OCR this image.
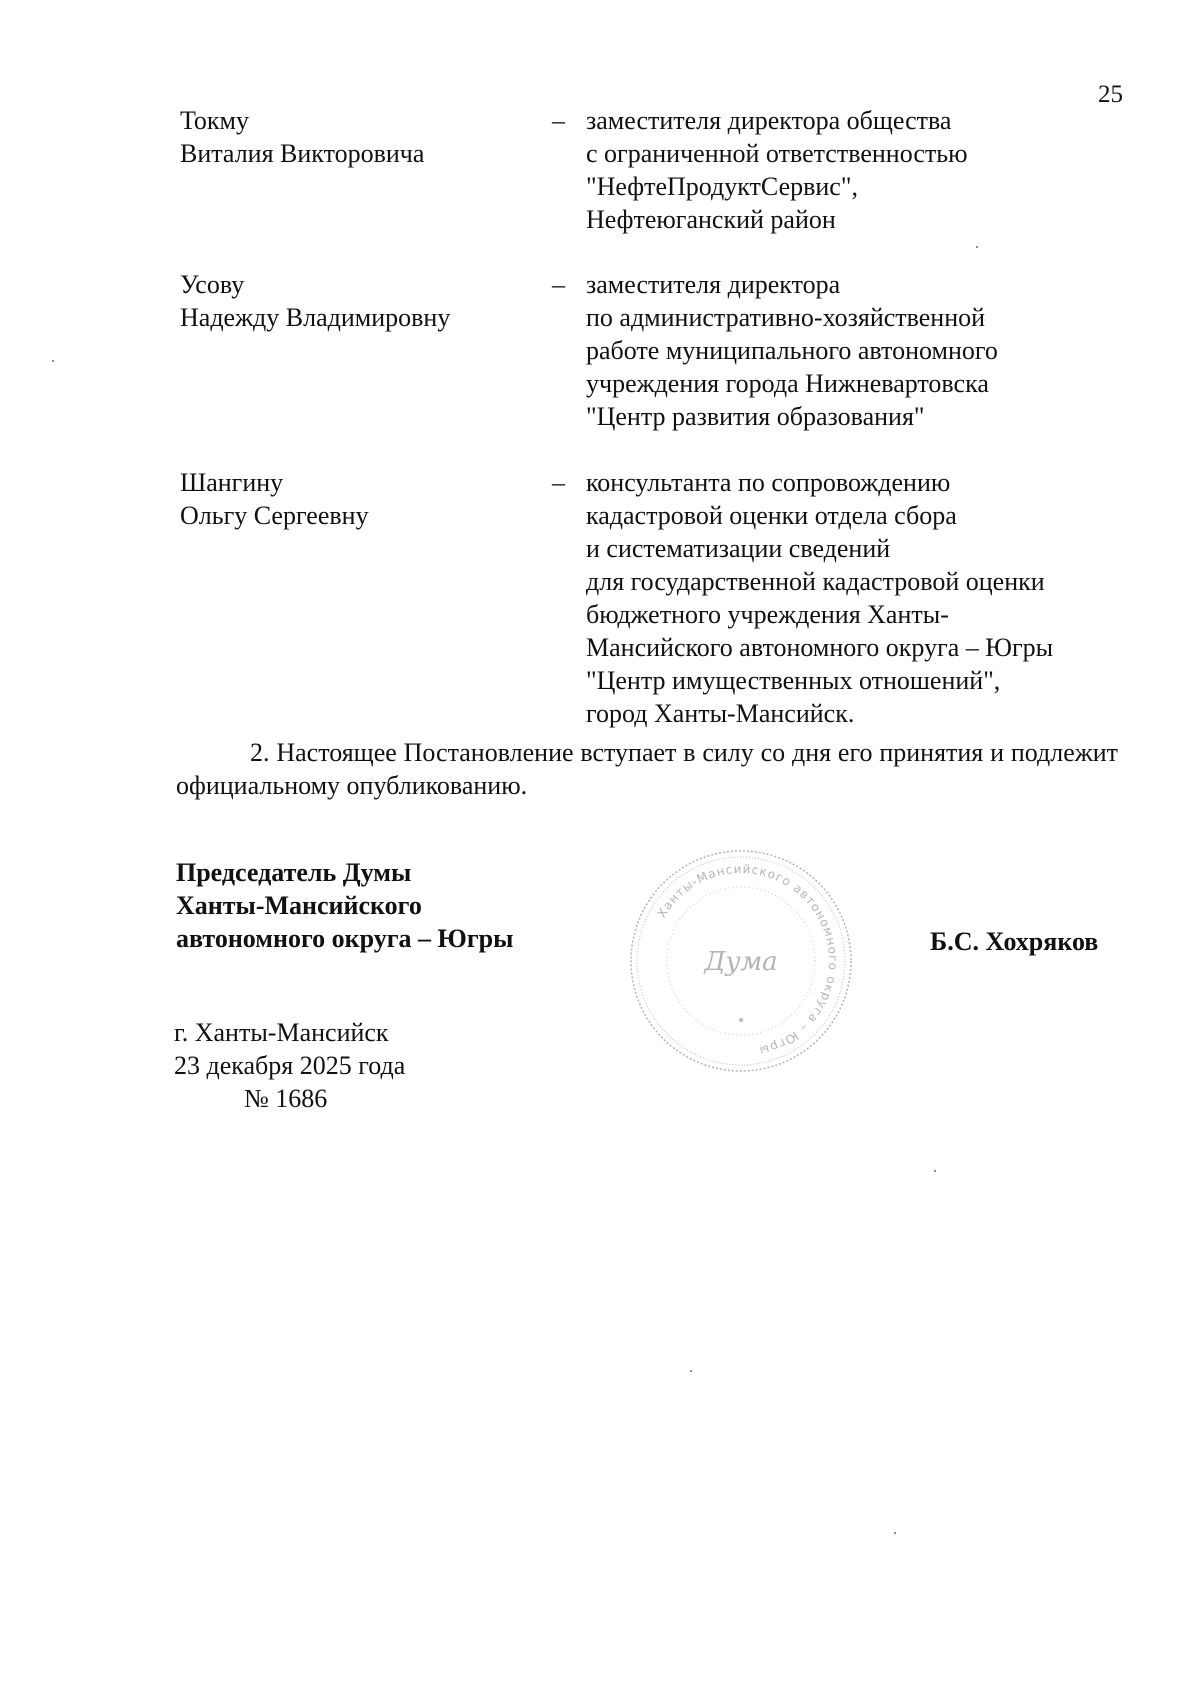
25
Токму
Виталия Викторовича
– заместителя директора общества
с ограниченной ответственностью
"НефтеПродуктСервис",
Нефтеюганский район
Усову
Надежду Владимировну
– заместителя директора
по административно-хозяйственной
работе муниципального автономного
учреждения города Нижневартовска
"Центр развития образования"
Шангину
Ольгу Сергеевну
– консультанта по сопровождению
кадастровой оценки отдела сбора
и систематизации сведений
для государственной кадастровой оценки
бюджетного учреждения Ханты-
Мансийского автономного округа – Югры
"Центр имущественных отношений",
город Ханты-Мансийск.
2. Настоящее Постановление вступает в силу со дня его принятия и подлежит официальному опубликованию.
Председатель Думы
Ханты-Мансийского
автономного округа – Югры
Ханты-Мансийского автономного округа – Югры
Дума
Б.С. Хохряков
г. Ханты-Мансийск
23 декабря 2025 года
№ 1686
